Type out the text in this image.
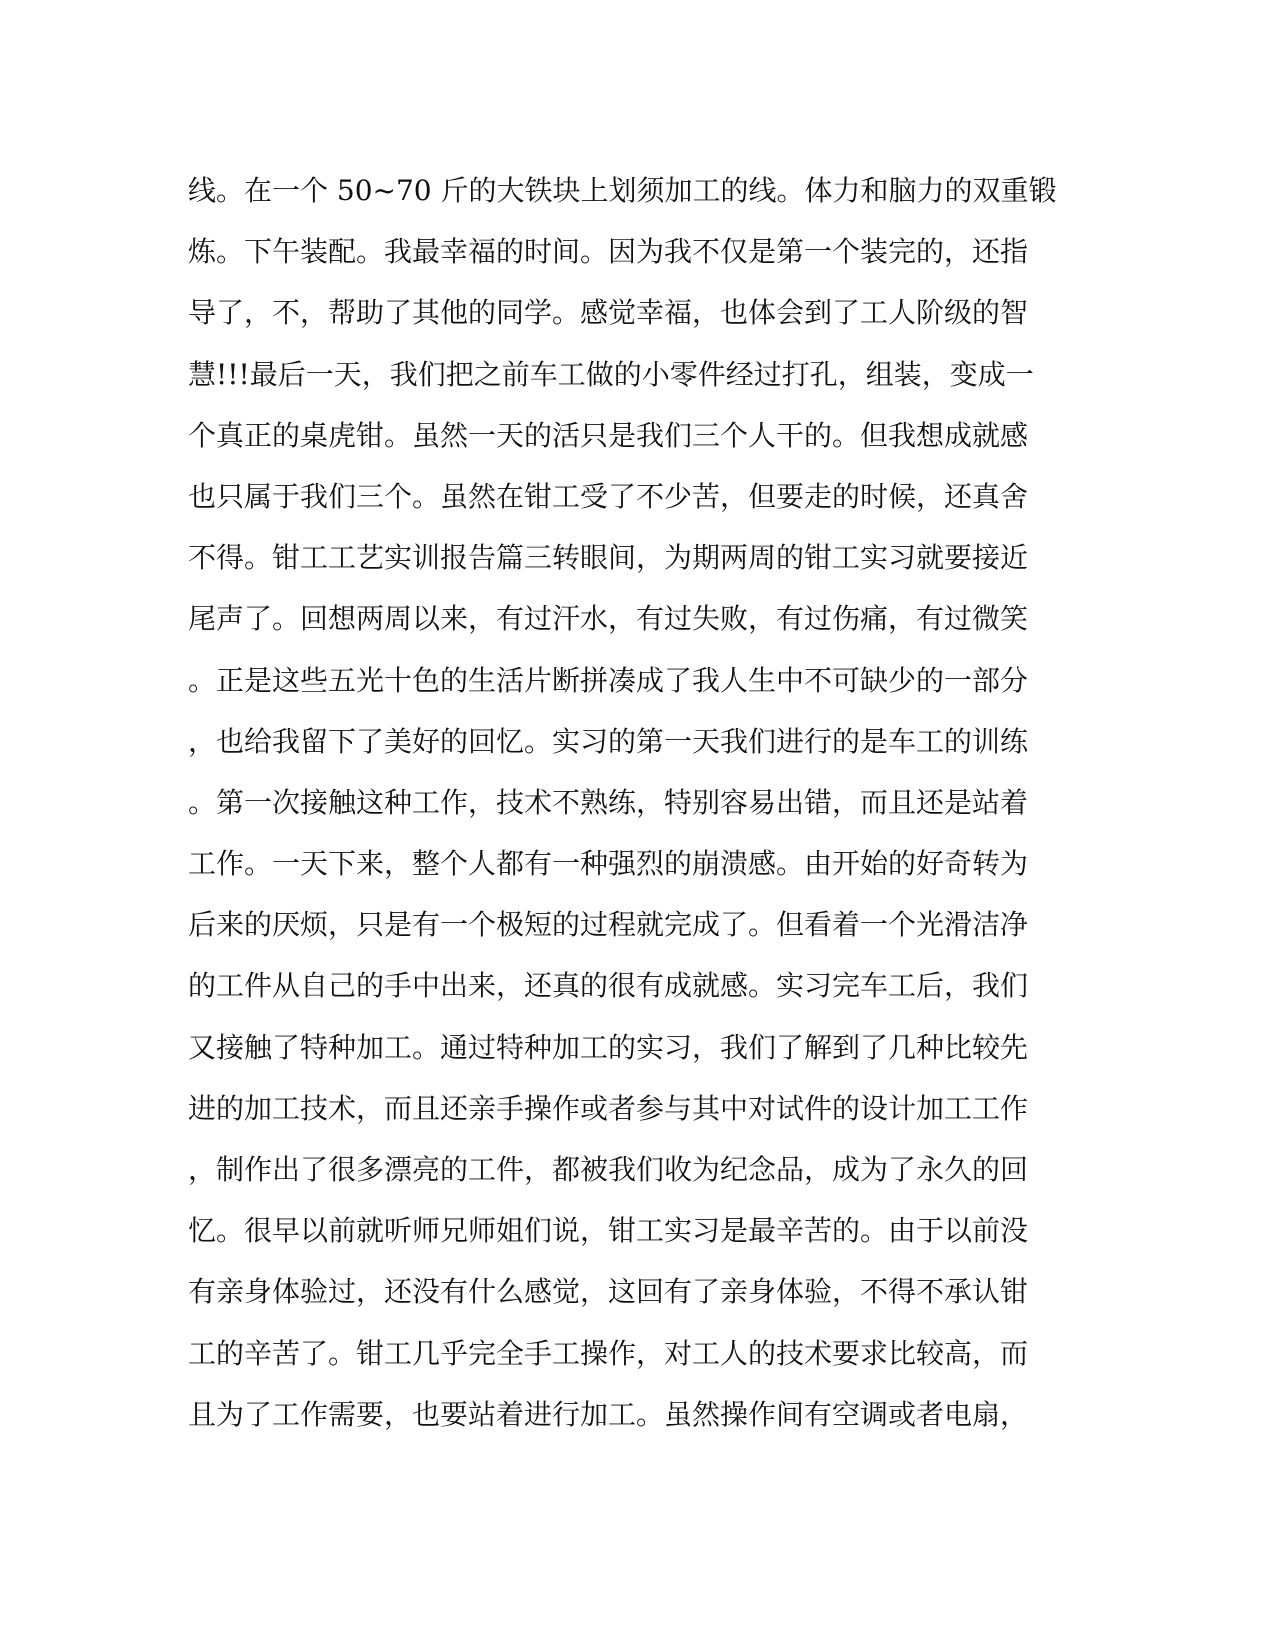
线。在一个 50~70 斤的大铁块上划须加工的线。体力和脑力的双重锻
炼。下午装配。我最幸福的时间。因为我不仅是第一个装完的，还指
导了，不，帮助了其他的同学。感觉幸福，也体会到了工人阶级的智
慧!!!最后一天，我们把之前车工做的小零件经过打孔，组装，变成一
个真正的桌虎钳。虽然一天的活只是我们三个人干的。但我想成就感
也只属于我们三个。虽然在钳工受了不少苦，但要走的时候，还真舍
不得。钳工工艺实训报告篇三转眼间，为期两周的钳工实习就要接近
尾声了。回想两周以来，有过汗水，有过失败，有过伤痛，有过微笑
。正是这些五光十色的生活片断拼凑成了我人生中不可缺少的一部分
，也给我留下了美好的回忆。实习的第一天我们进行的是车工的训练
。第一次接触这种工作，技术不熟练，特别容易出错，而且还是站着
工作。一天下来，整个人都有一种强烈的崩溃感。由开始的好奇转为
后来的厌烦，只是有一个极短的过程就完成了。但看着一个光滑洁净
的工件从自己的手中出来，还真的很有成就感。实习完车工后，我们
又接触了特种加工。通过特种加工的实习，我们了解到了几种比较先
进的加工技术，而且还亲手操作或者参与其中对试件的设计加工工作
，制作出了很多漂亮的工件，都被我们收为纪念品，成为了永久的回
忆。很早以前就听师兄师姐们说，钳工实习是最辛苦的。由于以前没
有亲身体验过，还没有什么感觉，这回有了亲身体验，不得不承认钳
工的辛苦了。钳工几乎完全手工操作，对工人的技术要求比较高，而
且为了工作需要，也要站着进行加工。虽然操作间有空调或者电扇，
